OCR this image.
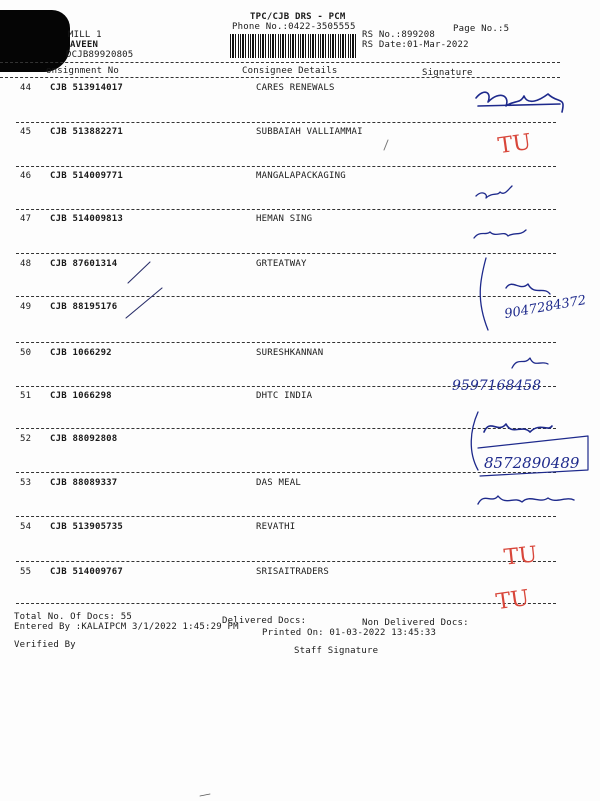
TPC/CJB DRS - PCM
Phone No.:0422-3505555
RS No.:899208
RS Date:01-Mar-2022
Page No.:5
MILL 1
AVEEN
DCJB89920805
onsignment No	Consignee Details	Signature
44 CJB 513914017	CARES RENEWALS
45 CJB 513882271	SUBBAIAH VALLIAMMAI
46 CJB 514009771	MANGALAPACKAGING
47 CJB 514009813	HEMAN SING
48 CJB 87601314	GRTEATWAY
49 CJB 88195176
50 CJB 1066292	SURESHKANNAN
51 CJB 1066298	DHTC INDIA
52 CJB 88092808
53 CJB 88089337	DAS MEAL
54 CJB 513905735	REVATHI
55 CJB 514009767	SRISAITRADERS
9047284372
9597168458
8572890489
TU
TU
TU
Total No. Of Docs: 55	Delivered Docs:	Non Delivered Docs:
Entered By :KALAIPCM 3/1/2022 1:45:29 PM
Printed On: 01-03-2022 13:45:33
Verified By
Staff Signature
